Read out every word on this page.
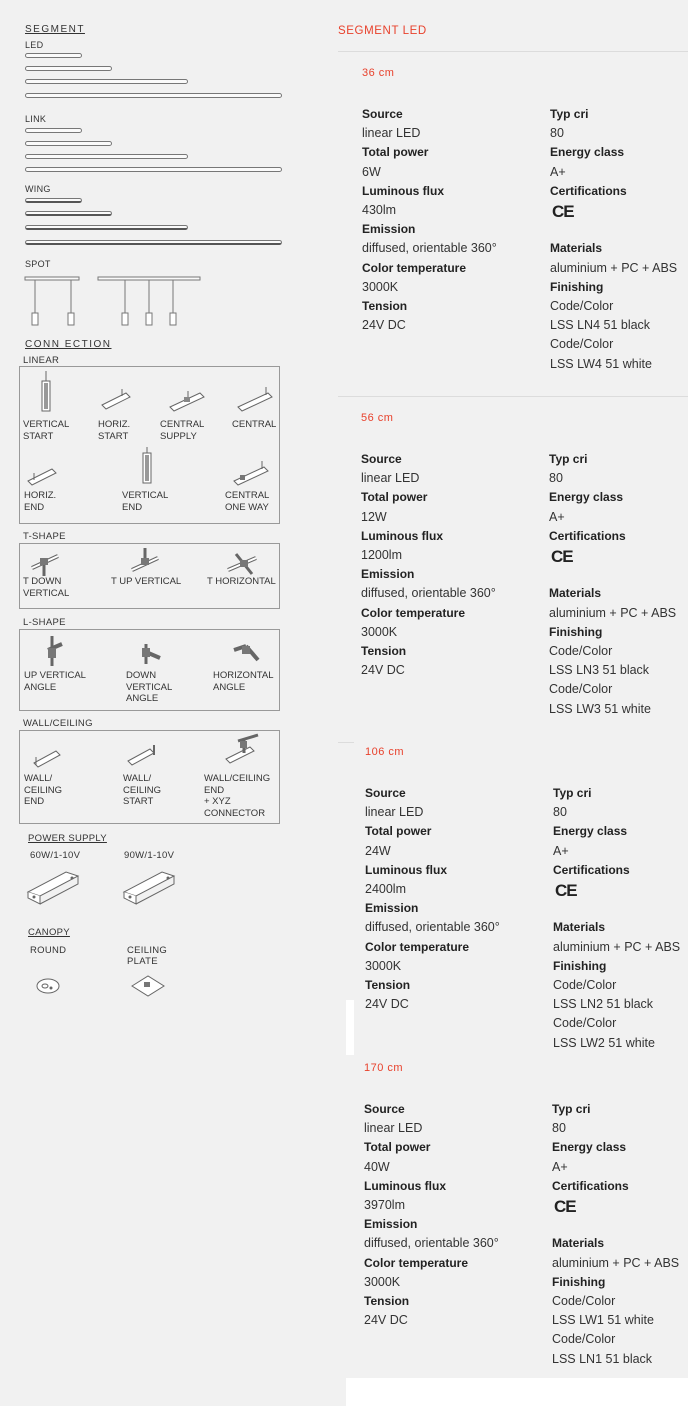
SEGMENT
LED
LINK
WING
SPOT
CONN ECTION
LINEAR
VERTICAL
START
HORIZ.
START
CENTRAL
SUPPLY
CENTRAL
HORIZ.
END
VERTICAL
END
CENTRAL
ONE WAY
T-SHAPE
T DOWN
VERTICAL
T UP VERTICAL	T HORIZONTAL
L-SHAPE
UP VERTICAL
ANGLE
DOWN
VERTICAL
ANGLE
HORIZONTAL
ANGLE
WALL/CEILING
WALL/
CEILING
END
WALL/
CEILING
START
WALL/CEILING
END
+ XYZ
CONNECTOR
POWER SUPPLY
60W/1-10V	90W/1-10V
CANOPY
ROUND	CEILING
PLATE
SEGMENT LED
36 cm
Source
linear LED
Total power
6W
Luminous flux
430lm
Emission
diffused, orientable 360°
Color temperature
3000K
Tension
24V DC
Typ cri
80
Energy class
A+
Certifications
CE
Materials
aluminium + PC + ABS
Finishing
Code/Color
LSS LN4 51 black
Code/Color
LSS LW4 51 white
56 cm
Source
linear LED
Total power
12W
Luminous flux
1200lm
Emission
diffused, orientable 360°
Color temperature
3000K
Tension
24V DC
Typ cri
80
Energy class
A+
Certifications
CE
Materials
aluminium + PC + ABS
Finishing
Code/Color
LSS LN3 51 black
Code/Color
LSS LW3 51 white
106 cm
Source
linear LED
Total power
24W
Luminous flux
2400lm
Emission
diffused, orientable 360°
Color temperature
3000K
Tension
24V DC
Typ cri
80
Energy class
A+
Certifications
CE
Materials
aluminium + PC + ABS
Finishing
Code/Color
LSS LN2 51 black
Code/Color
LSS LW2 51 white
170 cm
Source
linear LED
Total power
40W
Luminous flux
3970lm
Emission
diffused, orientable 360°
Color temperature
3000K
Tension
24V DC
Typ cri
80
Energy class
A+
Certifications
CE
Materials
aluminium + PC + ABS
Finishing
Code/Color
LSS LW1 51 white
Code/Color
LSS LN1 51 black
